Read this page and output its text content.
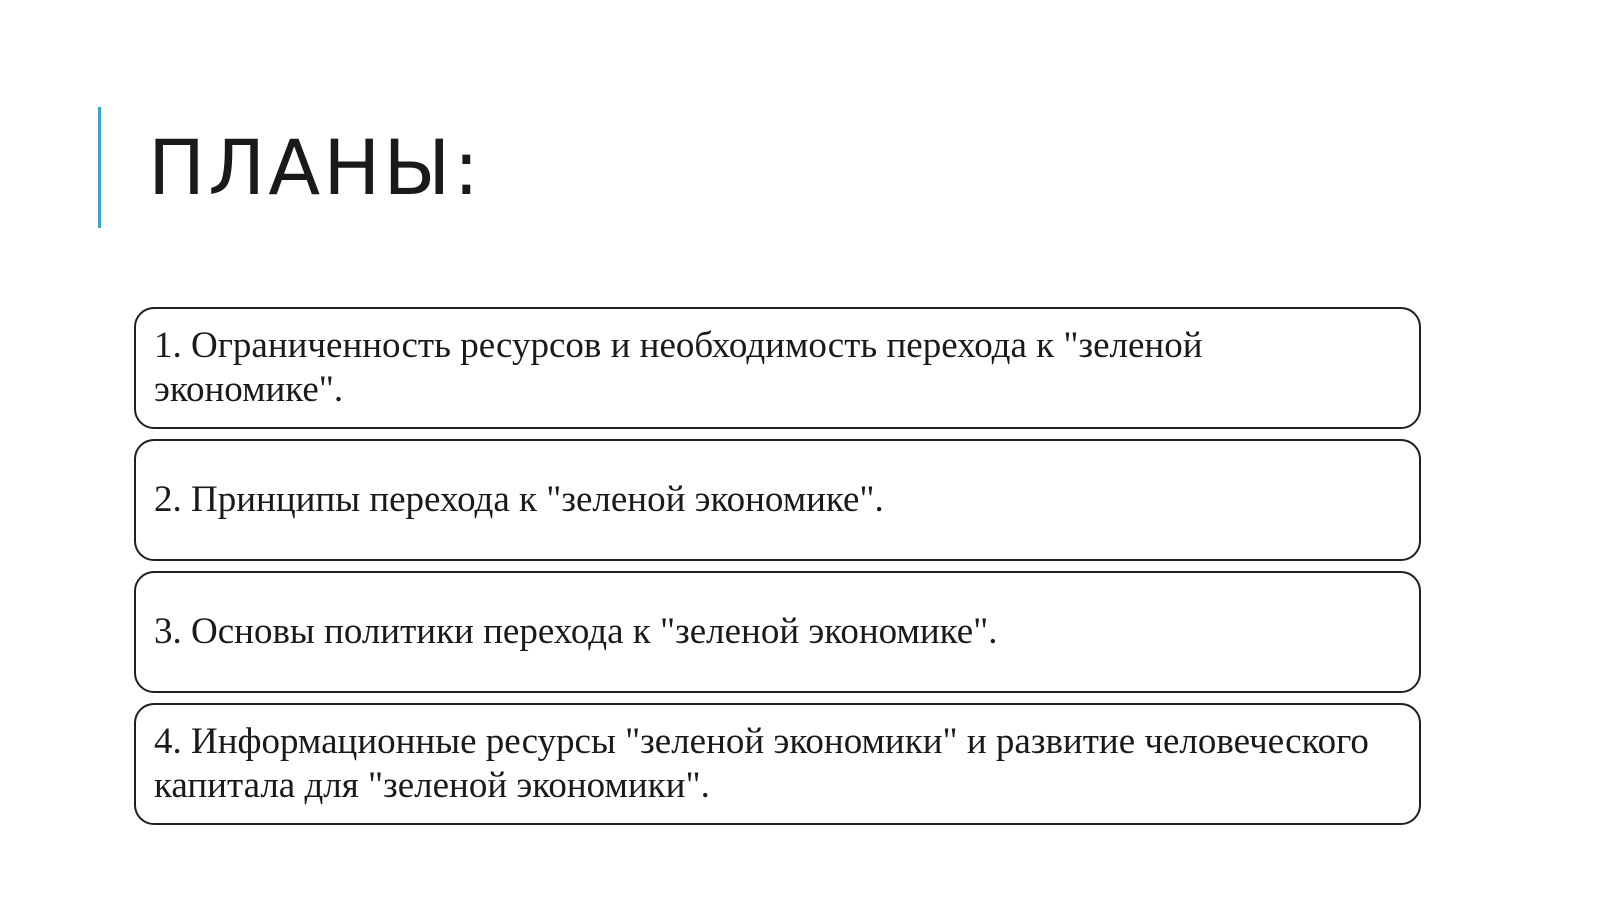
ПЛАНЫ:
1. Ограниченность ресурсов и необходимость перехода к "зеленой экономике".
2. Принципы перехода к "зеленой экономике".
3. Основы политики перехода к "зеленой экономике".
4. Информационные ресурсы "зеленой экономики" и развитие человеческого капитала для "зеленой экономики".
